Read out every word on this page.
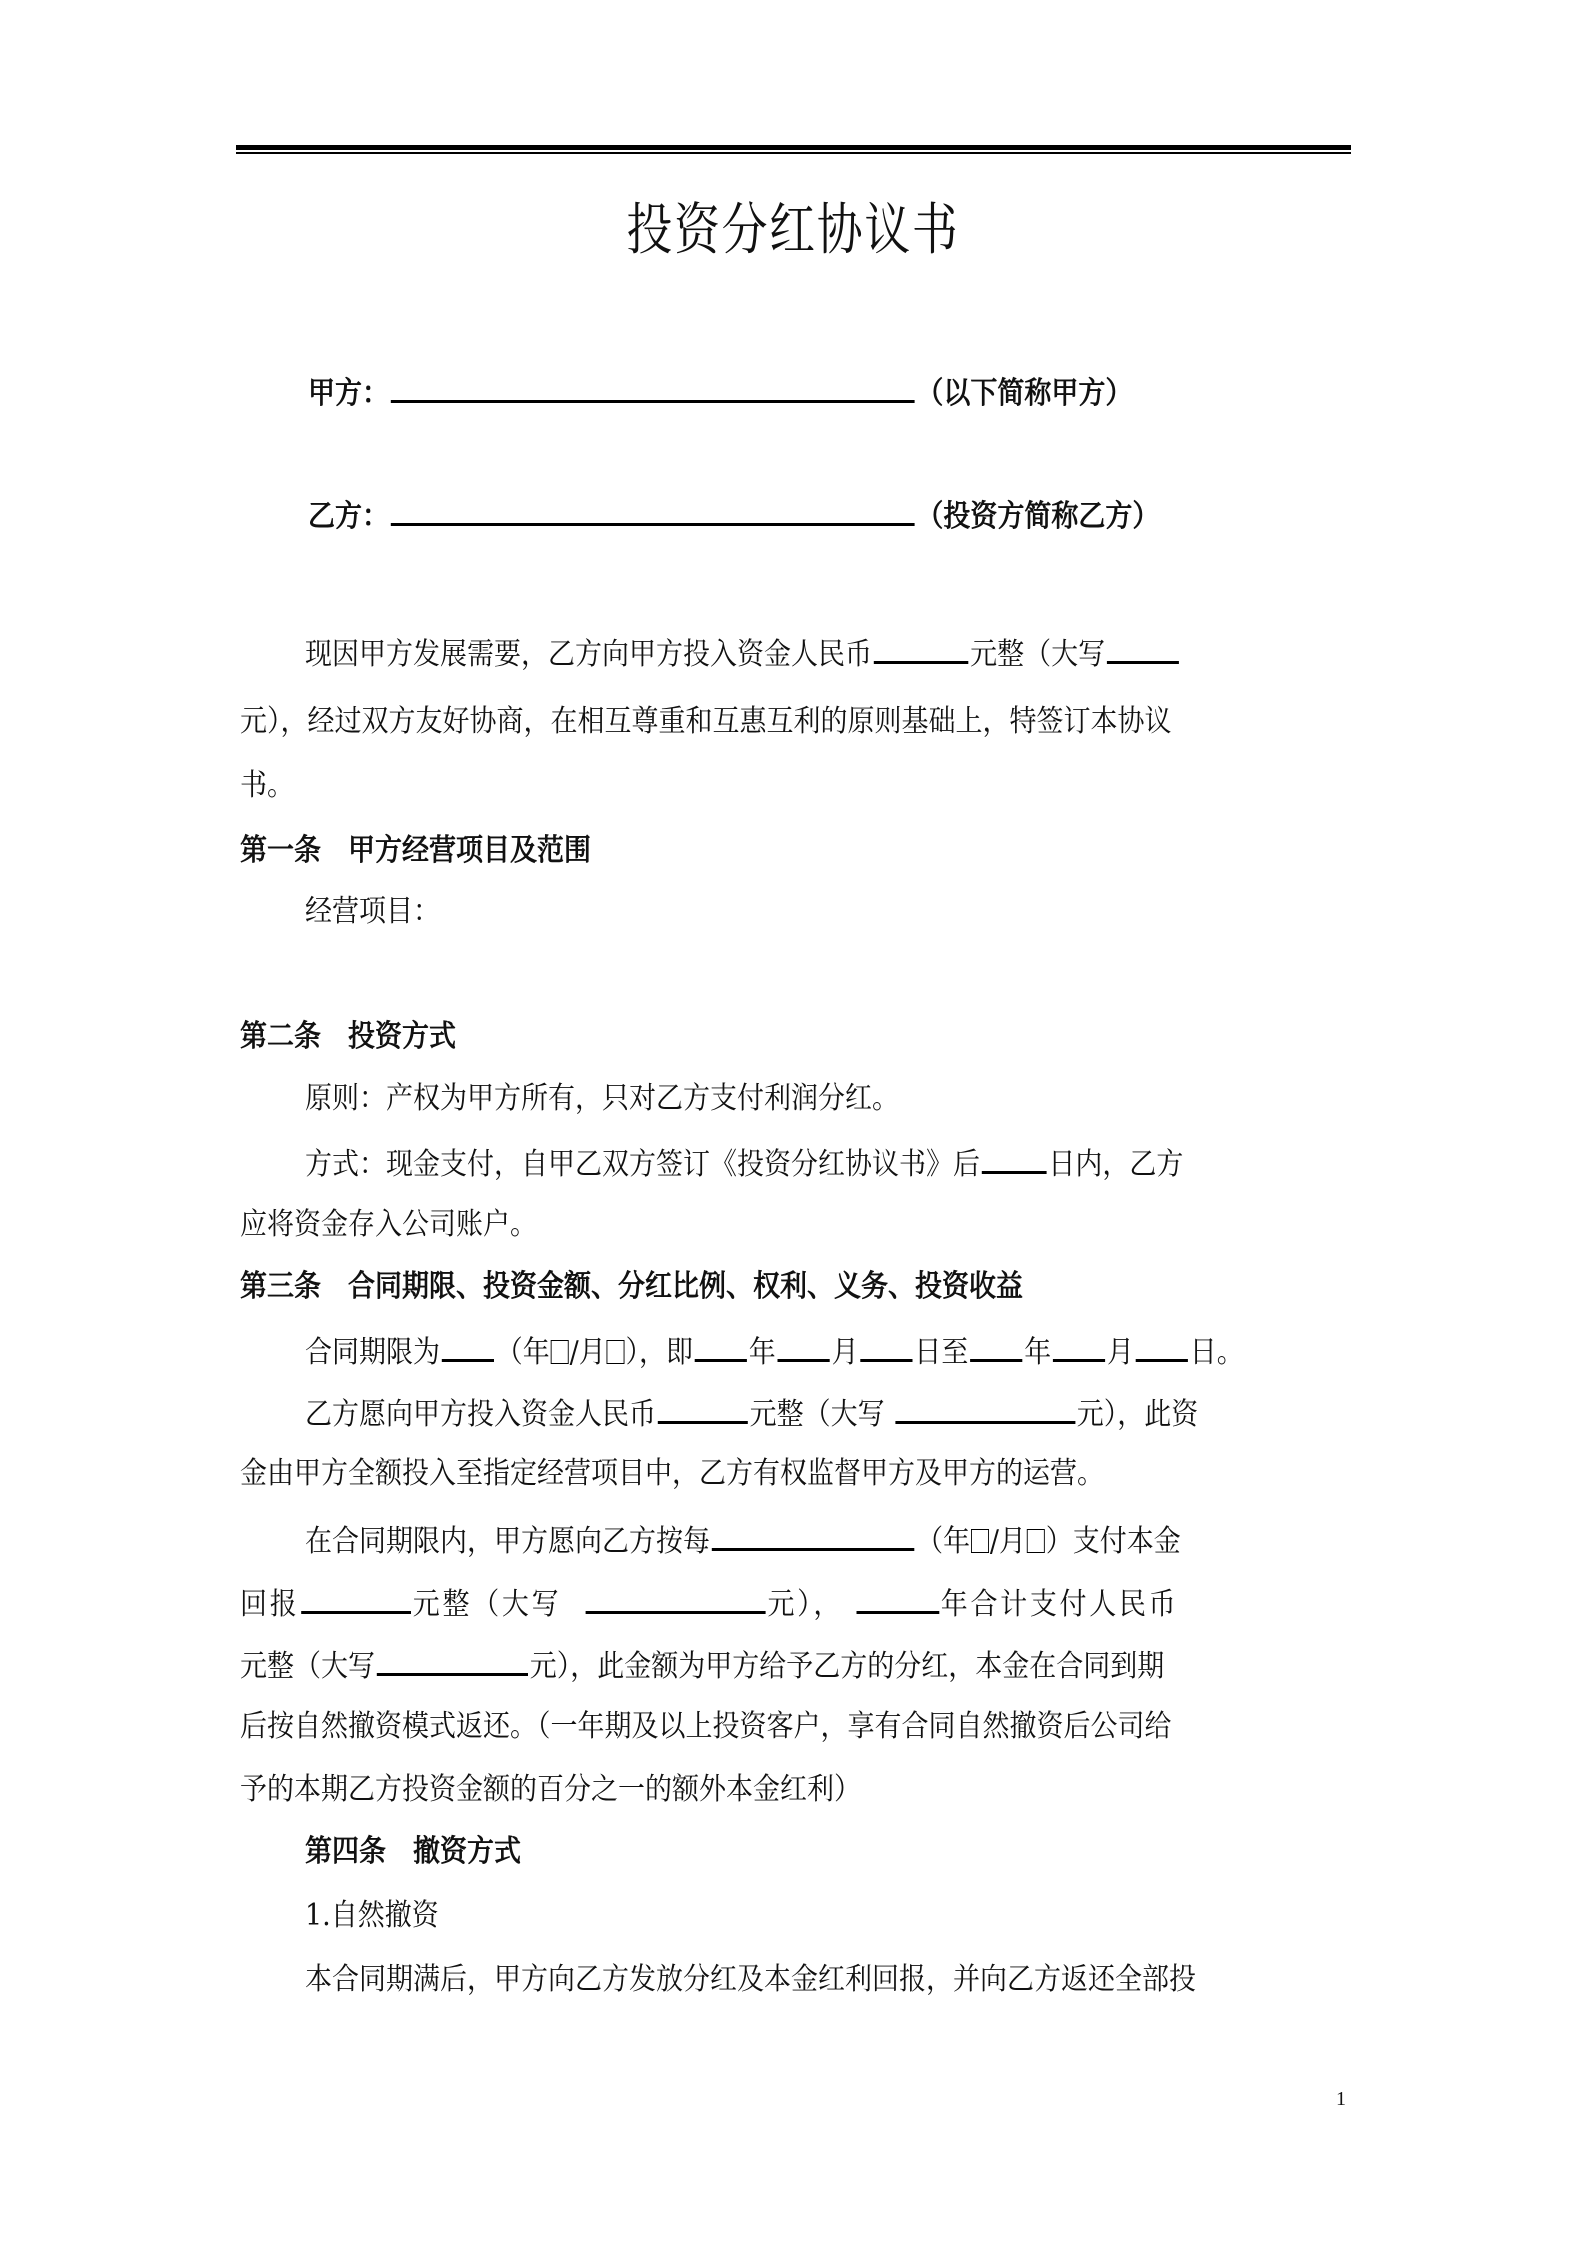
投资分红协议书
甲方：	（以下简称甲方）
乙方：	（投资方简称乙方）
现因甲方发展需要，乙方向甲方投入资金人民币	元整（大写
元），经过双方友好协商，在相互尊重和互惠互利的原则基础上，特签订本协议
书。
第一条　甲方经营项目及范围
经营项目：
第二条　投资方式
原则：产权为甲方所有，只对乙方支付利润分红。
方式：现金支付，自甲乙双方签订《投资分红协议书》后 日内，乙方
应将资金存入公司账户。
第三条　合同期限、投资金额、分红比例、权利、义务、投资收益
合同期限为 （年 /月 ），即 年 月 日至 年 月 日。
乙方愿向甲方投入资金人民币	元整（大写	元），此资
金由甲方全额投入至指定经营项目中，乙方有权监督甲方及甲方的运营。
在合同期限内，甲方愿向乙方按每	（年 /月 ）支付本金
回报	元整（大写	元），	年合计支付人民币
元整（大写	元），此金额为甲方给予乙方的分红，本金在合同到期
后按自然撤资模式返还。（一年期及以上投资客户，享有合同自然撤资后公司给
予的本期乙方投资金额的百分之一的额外本金红利）
第四条　撤资方式
1.自然撤资
本合同期满后，甲方向乙方发放分红及本金红利回报，并向乙方返还全部投
1
